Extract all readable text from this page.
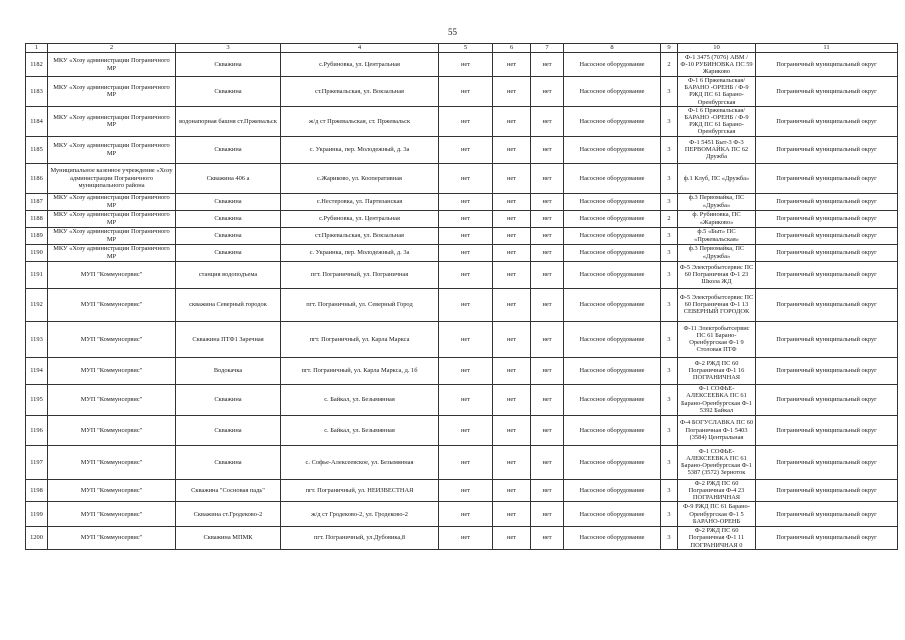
55
1	2	3	4	5	6	7	8	9	10	11
1182	МКУ «Хозу администрации Пограничного МР	Скважина	с.Рубиновка, ул. Центральная	нет	нет	нет	Насосное оборудование	2	Ф-1 3475 (7076) АВМ / Ф-10 РУБИНОВКА ПС 59 Жариково	Пограничный муниципальный округ
1183	МКУ «Хозу администрации Пограничного МР	Скважина	ст.Пржевальская, ул. Вокзальная	нет	нет	нет	Насосное оборудование	3	Ф-1 6 Пржевальская/БАРАНО -ОРЕНБ / Ф-9 РЖД ПС 61 Барано-Оренбургская	Пограничный муниципальный округ
1184	МКУ «Хозу администрации Пограничного МР	водонапорная башня ст.Пржевальск	ж/д ст Пржевальская, ст. Пржевальск	нет	нет	нет	Насосное оборудование	3	Ф-1 6 Пржевальская/БАРАНО -ОРЕНБ / Ф-9 РЖД ПС 61 Барано-Оренбургская	Пограничный муниципальный округ
1185	МКУ «Хозу администрации Пограничного МР	Скважина	с. Украинка, пер. Молодежный, д. 3а	нет	нет	нет	Насосное оборудование	3	Ф-1 5451 Быт-3 Ф-3 ПЕРВОМАЙКА ПС 62 Дружба	Пограничный муниципальный округ
1186	Муниципальное казенное учреждение «Хозу администрации Пограничного муниципального района	Скважина 406 а	с.Жариково, ул. Кооперативная	нет	нет	нет	Насосное оборудование	3	ф.1 Клуб, ПС «Дружба»	Пограничный муниципальный округ
1187	МКУ «Хозу администрации Пограничного МР	Скважина	с.Нестеровка, ул. Партизанская	нет	нет	нет	Насосное оборудование	3	ф.3 Первомайка, ПС «Дружба»	Пограничный муниципальный округ
1188	МКУ «Хозу администрации Пограничного МР	Скважина	с.Рубиновка, ул. Центральная	нет	нет	нет	Насосное оборудование	2	ф. Рубиновка, ПС «Жариково»	Пограничный муниципальный округ
1189	МКУ «Хозу администрации Пограничного МР	Скважина	ст.Пржевальская, ул. Вокзальная	нет	нет	нет	Насосное оборудование	3	ф.5 «Быт» ПС «Пржевальская»	Пограничный муниципальный округ
1190	МКУ «Хозу администрации Пограничного МР	Скважина	с. Украинка, пер. Молодежный, д. 3а	нет	нет	нет	Насосное оборудование	3	ф.3 Первомайка, ПС «Дружба»	Пограничный муниципальный округ
1191	МУП "Коммунсервис"	станция водоподъема	пгт. Пограничный, ул. Пограничная	нет	нет	нет	Насосное оборудование	3	Ф-5 Электробытсервис ПС 60 Пограничная Ф-1 23 Школа ЖД	Пограничный муниципальный округ
1192	МУП "Коммунсервис"	скважина Северный городок	пгт. Пограничный, ул. Северный Город	нет	нет	нет	Насосное оборудование	3	Ф-5 Электробытсервис ПС 60 Пограничная Ф-1 13 СЕВЕРНЫЙ ГОРОДОК	Пограничный муниципальный округ
1193	МУП "Коммунсервис"	Скважина ПТФ1 Заречная	пгт. Пограничный, ул. Карла Маркса	нет	нет	нет	Насосное оборудование	3	Ф-11 Электробытсервис ПС 61 Барано-Оренбургская Ф-1 9 Столовая ПТФ	Пограничный муниципальный округ
1194	МУП "Коммунсервис"	Водокачка	пгт. Пограничный, ул. Карла Маркса, д. 1б	нет	нет	нет	Насосное оборудование	3	Ф-2 РЖД ПС 60 Пограничная Ф-1 16 ПОГРАНИЧНАЯ	Пограничный муниципальный округ
1195	МУП "Коммунсервис"	Скважина	с. Байкал, ул. Безымянная	нет	нет	нет	Насосное оборудование	3	Ф-1 СОФЬЕ-АЛЕКСЕЕВКА ПС 61 Барано-Оренбургская Ф-1 5392 Байкал	Пограничный муниципальный округ
1196	МУП "Коммунсервис"	Скважина	с. Байкал, ул. Безымянная	нет	нет	нет	Насосное оборудование	3	Ф-4 БОГУСЛАВКА ПС 60 Пограничная Ф-1 5403 (3584) Центральная	Пограничный муниципальный округ
1197	МУП "Коммунсервис"	Скважина	с. Софье-Алексеевское, ул. Безымянная	нет	нет	нет	Насосное оборудование	3	Ф-1 СОФЬЕ-АЛЕКСЕЕВКА ПС 61 Барано-Оренбургская Ф-1 5387 (3572) Зерноток	Пограничный муниципальный округ
1198	МУП "Коммунсервис"	Скважина "Сосновая падь"	пгт. Пограничный, ул. НЕИЗВЕСТНАЯ	нет	нет	нет	Насосное оборудование	3	Ф-2 РЖД ПС 60 Пограничная Ф-4 23 ПОГРАНИЧНАЯ	Пограничный муниципальный округ
1199	МУП "Коммунсервис"	Скважина ст.Гродеково-2	ж/д ст Гродеково-2, ул. Гродеково-2	нет	нет	нет	Насосное оборудование	3	Ф-9 РЖД ПС 61 Барано-Оренбургская Ф-1 5 БАРАНО-ОРЕНБ	Пограничный муниципальный округ
1200	МУП "Коммунсервис"	Скважина МПМК	пгт. Пограничный, ул.Дубовика,8	нет	нет	нет	Насосное оборудование	3	Ф-2 РЖД ПС 60 Пограничная Ф-1 11 ПОГРАНИЧНАЯ 0	Пограничный муниципальный округ
